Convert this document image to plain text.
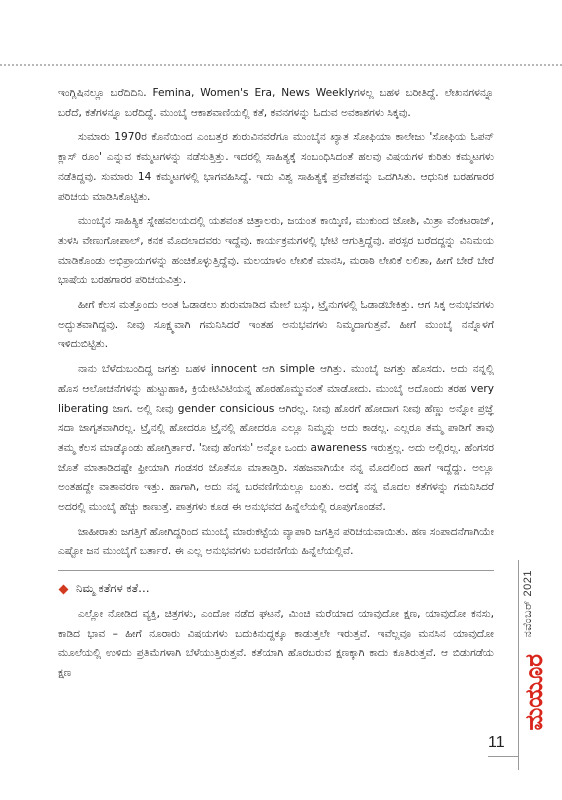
ಇಂಗ್ಲಿಷಿನಲ್ಲೂ ಬರೆದಿದಿನಿ. Femina, Women's Era, News Weeklyಗಳಲ್ಲ ಬಹಳ ಬರೀತಿದ್ದೆ. ಲೇಖನಗಳನ್ನೂ ಬರೆದೆ, ಕತೆಗಳನ್ನೂ ಬರೆದಿದ್ದೆ. ಮುಂಬೈ ಆಕಾಶವಾಣಿಯಲ್ಲಿ ಕತೆ, ಕವನಗಳನ್ನು ಓದುವ ಅವಕಾಶಗಳು ಸಿಕ್ಕವು.

ಸುಮಾರು 1970ರ ಕೊನೆಯಿಂದ ಎಂಬತ್ತರ ಶುರುವಿನವರೆಗೂ ಮುಂಬೈನ ಖ್ಯಾತ ಸೋಫಿಯಾ ಕಾಲೇಜು 'ಸೋಫಿಯ ಓಪನ್ ಕ್ಲಾಸ್ ರೂಂ' ಎನ್ನುವ ಕಮ್ಮಟಗಳನ್ನು ನಡೆಸುತ್ತಿತ್ತು. ಇದರಲ್ಲಿ ಸಾಹಿತ್ಯಕ್ಕೆ ಸಂಬಂಧಿಸಿದಂತೆ ಹಲವು ವಿಷಯಗಳ ಕುರಿತು ಕಮ್ಮಟಗಳು ನಡೆತಿದ್ದವು. ಸುಮಾರು 14 ಕಮ್ಮಟಗಳಲ್ಲಿ ಭಾಗವಹಿಸಿದ್ದೆ. ಇದು ವಿಶ್ವ ಸಾಹಿತ್ಯಕ್ಕೆ ಪ್ರವೇಶವನ್ನು ಒದಗಿಸಿತು. ಆಧುನಿಕ ಬರಹಗಾರರ ಪರಿಚಯ ಮಾಡಿಸಿಕೊಟ್ಟಿತು.

ಮುಂಬೈನ ಸಾಹಿತ್ಯಿಕ ಸ್ನೇಹವಲಯದಲ್ಲಿ ಯಶವಂತ ಚಿತ್ತಾಲರು, ಜಯಂತ ಕಾಯ್ಕಿಣಿ, ಮುಕುಂದ ಜೋಶಿ, ಮಿತ್ರಾ ವೆಂಕಟರಾಜ್, ತುಳಸಿ ವೇಣುಗೋಪಾಲ್, ಕನಕ ಮೊದಲಾದವರು ಇದ್ದೆವು. ಕಾರ್ಯಕ್ರಮಗಳಲ್ಲಿ ಭೇಟಿ ಆಗುತ್ತಿದ್ದೆವು. ಪರಸ್ಪರ ಬರೆದದ್ದನ್ನು ವಿನಿಮಯ ಮಾಡಿಕೊಂಡು ಅಭಿಪ್ರಾಯಗಳನ್ನು ಹಂಚಿಕೊಳ್ಳುತ್ತಿದ್ದೆವು. ಮಲಯಾಳಂ ಲೇಖಿಕೆ ಮಾನಸಿ, ಮರಾಠಿ ಲೇಖಿಕೆ ಲಲಿತಾ, ಹೀಗೆ ಬೇರೆ ಬೇರೆ ಭಾಷೆಯ ಬರಹಗಾರರ ಪರಿಚಯವಿತ್ತು.

ಹೀಗೆ ಕೆಲಸ ಮತ್ತೊಂದು ಅಂತ ಓಡಾಡಲು ಶುರುಮಾಡಿದ ಮೇಲೆ ಬಸ್ಸು, ಟ್ರೈನುಗಳಲ್ಲಿ ಓಡಾಡಬೇಕಿತ್ತು. ಆಗ ಸಿಕ್ಕ ಅನುಭವಗಳು ಅದ್ಭುತವಾಗಿದ್ದವು. ನೀವು ಸೂಕ್ಷ್ಮವಾಗಿ ಗಮನಿಸಿದರೆ ಇಂತಹ ಅನುಭವಗಳು ನಿಮ್ಮದಾಗುತ್ತವೆ. ಹೀಗೆ ಮುಂಬೈ ನನ್ನೊಳಗೆ ಇಳಿದುಬಿಟ್ಟಿತು.

ನಾನು ಬೆಳೆದುಬಂದಿದ್ದ ಜಗತ್ತು ಬಹಳ innocent ಆಗಿ simple ಆಗಿತ್ತು. ಮುಂಬೈ ಜಗತ್ತು ಹೊಸದು. ಅದು ನನ್ನಲ್ಲಿ ಹೊಸ ಆಲೋಚನೆಗಳನ್ನು ಹುಟ್ಟುಹಾಕಿ, ಕ್ರಿಯೇಟಿವಿಟಿಯನ್ನ ಹೊರಹೊಮ್ಮುವಂತೆ ಮಾಡೋದು. ಮುಂಬೈ ಅದೊಂದು ತರಹ very liberating ಜಾಗ. ಅಲ್ಲಿ ನೀವು gender consicious ಆಗಿರಲ್ಲ. ನೀವು ಹೊರಗೆ ಹೋದಾಗ ನೀವು ಹೆಣ್ಣು ಅನ್ನೋ ಪ್ರಜ್ಞೆ ಸದಾ ಜಾಗೃತವಾಗಿರಲ್ಲ. ಟ್ರೈನಲ್ಲಿ ಹೋದರೂ ಟ್ರೈನಲ್ಲಿ ಹೋದರೂ ಎಲ್ಲೂ ನಿಮ್ಮನ್ನು ಅದು ಕಾಡಲ್ಲ. ಎಲ್ಲರೂ ತಮ್ಮ ಪಾಡಿಗೆ ತಾವು ತಮ್ಮ ಕೆಲಸ ಮಾಡ್ಕೊಂಡು ಹೋಗ್ತಿರ್ತಾರೆ. 'ನೀವು ಹೆಂಗಸು' ಅನ್ನೋ ಒಂದು awareness ಇರುತ್ತಲ್ಲ. ಅದು ಅಲ್ಲಿರಲ್ಲ. ಹೆಂಗಸರ ಜೊತೆ ಮಾತಾಡಿದಷ್ಟೇ ಫ್ರೀಯಾಗಿ ಗಂಡಸರ ಜೊತೆನೂ ಮಾತಾಡ್ತಿರಿ. ಸಹಜವಾಗಿಯೇ ನನ್ನ ಮೊದಲಿಂದ ಹಾಗೆ ಇದ್ದೆದ್ದು. ಅಲ್ಲೂ ಅಂತಹದ್ದೇ ವಾತಾವರಣ ಇತ್ತು. ಹಾಗಾಗಿ, ಅದು ನನ್ನ ಬರವಣಿಗೆಯಲ್ಲೂ ಬಂತು. ಅದಕ್ಕೆ ನನ್ನ ಮೊದಲ ಕತೆಗಳನ್ನು ಗಮನಿಸಿದರೆ ಅದರಲ್ಲಿ ಮುಂಬೈ ಹೆಚ್ಚು ಕಾಣುತ್ತೆ. ಪಾತ್ರಗಳು ಕೂಡ ಈ ಅನುಭವದ ಹಿನ್ನೆಲೆಯಲ್ಲಿ ರೂಪುಗೊಂಡವೆ.

ಜಾಹೀರಾತು ಜಗತ್ತಿಗೆ ಹೋಗಿದ್ದರಿಂದ ಮುಂಬೈ ಮಾರುಕಟ್ಟೆಯ ವ್ಯಾಪಾರಿ ಜಗತ್ತಿನ ಪರಿಚಯವಾಯಿತು. ಹಣ ಸಂಪಾದನೆಗಾಗಿಯೇ ಎಷ್ಟೋ ಜನ ಮುಂಬೈಗೆ ಬರ್ತಾರೆ. ಈ ಎಲ್ಲ ಅನುಭವಗಳು ಬರವಣಿಗೆಯ ಹಿನ್ನೆಲೆಯಲ್ಲಿವೆ.

ನಿಮ್ಮ ಕತೆಗಳ ಕತೆ…

ಎಲ್ಲೋ ನೋಡಿದ ವ್ಯಕ್ತಿ, ಚಿತ್ರಗಳು, ಎಂದೋ ನಡೆದ ಘಟನೆ, ಮಿಂಚಿ ಮರೆಯಾದ ಯಾವುದೋ ಕ್ಷಣ, ಯಾವುದೋ ಕನಸು, ಕಾಡಿದ ಭಾವ – ಹೀಗೆ ನೂರಾರು ವಿಷಯಗಳು ಬದುಕಿನುದ್ದಕ್ಕೂ ಕಾಡುತ್ತಲೇ ಇರುತ್ತವೆ. ಇವೆಲ್ಲವೂ ಮನಸಿನ ಯಾವುದೋ ಮೂಲೆಯಲ್ಲಿ ಉಳಿದು ಪ್ರತಿಮೆಗಳಾಗಿ ಬೆಳೆಯುತ್ತಿರುತ್ತವೆ. ಕತೆಯಾಗಿ ಹೊರಬರುವ ಕ್ಷಣಕ್ಕಾಗಿ ಕಾದು ಕೂತಿರುತ್ತವೆ. ಆ ಬಿಡುಗಡೆಯ ಕ್ಷಣ

ನವೆಂಬರ್ 2021
ಮಯೂರ
11
